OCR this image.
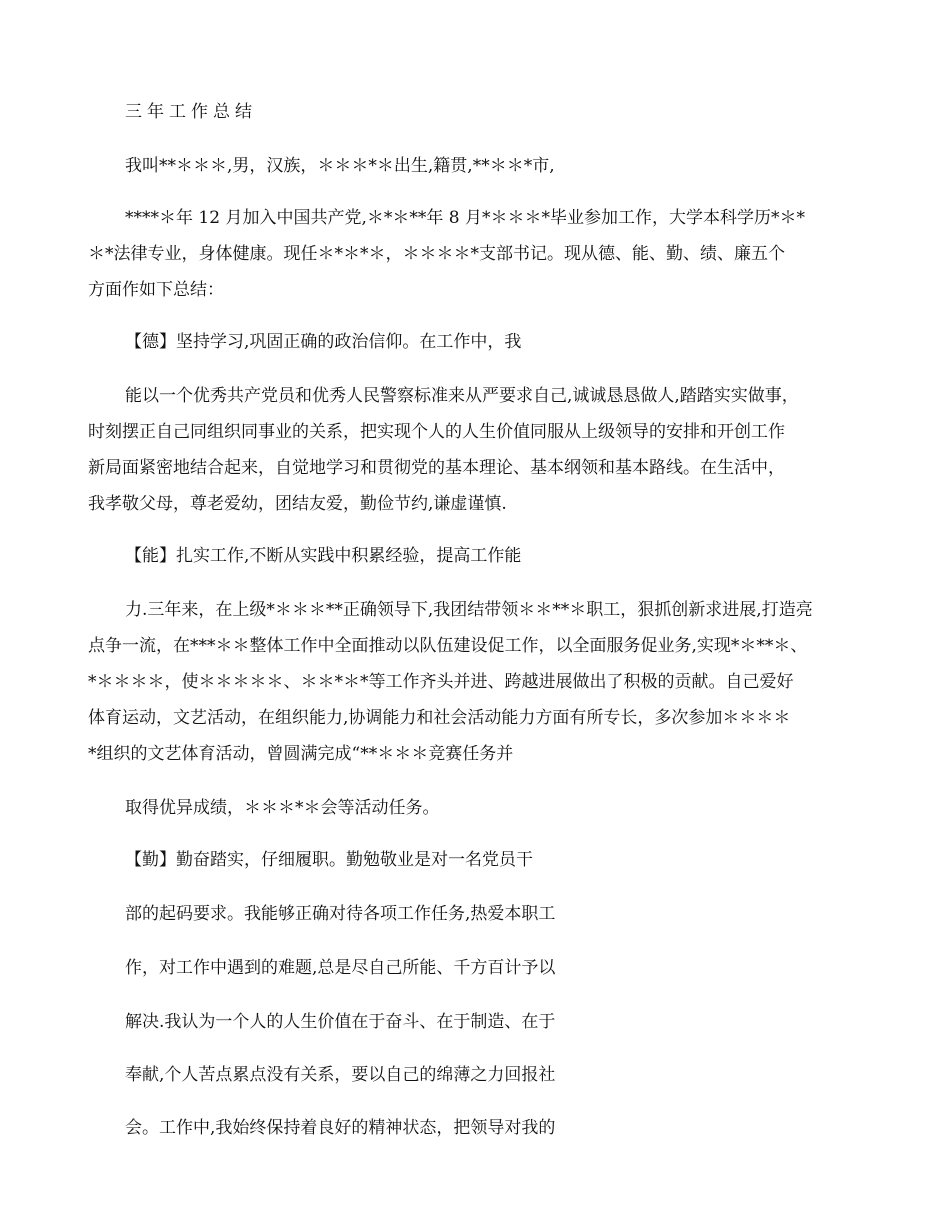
三年工作总结
我叫**＊＊＊,男，汉族，＊＊＊*＊出生,籍贯,**＊＊*市,
****＊年 12 月加入中国共产党,＊*＊**年 8 月*＊＊＊*毕业参加工作，大学本科学历*＊*
＊*法律专业，身体健康。现任＊*＊*＊，＊＊＊＊*支部书记。现从德、能、勤、绩、廉五个
方面作如下总结：
【德】坚持学习,巩固正确的政治信仰。在工作中，我
能以一个优秀共产党员和优秀人民警察标准来从严要求自己,诚诚恳恳做人,踏踏实实做事，
时刻摆正自己同组织同事业的关系，把实现个人的人生价值同服从上级领导的安排和开创工作
新局面紧密地结合起来，自觉地学习和贯彻党的基本理论、基本纲领和基本路线。在生活中，
我孝敬父母，尊老爱幼，团结友爱，勤俭节约,谦虚谨慎.
【能】扎实工作,不断从实践中积累经验，提高工作能
力.三年来，在上级*＊＊＊**正确领导下,我团结带领＊＊**＊职工，狠抓创新求进展,打造亮
点争一流，在***＊＊整体工作中全面推动以队伍建设促工作，以全面服务促业务,实现*＊**＊、
*＊＊＊＊，使＊＊＊＊＊、＊＊*＊*等工作齐头并进、跨越进展做出了积极的贡献。自己爱好
体育运动，文艺活动，在组织能力,协调能力和社会活动能力方面有所专长，多次参加＊＊＊＊
*组织的文艺体育活动，曾圆满完成“**＊＊＊竞赛任务并
取得优异成绩，＊＊＊*＊会等活动任务。
【勤】勤奋踏实，仔细履职。勤勉敬业是对一名党员干
部的起码要求。我能够正确对待各项工作任务,热爱本职工
作，对工作中遇到的难题,总是尽自己所能、千方百计予以
解决.我认为一个人的人生价值在于奋斗、在于制造、在于
奉献,个人苦点累点没有关系，要以自己的绵薄之力回报社
会。工作中,我始终保持着良好的精神状态，把领导对我的
